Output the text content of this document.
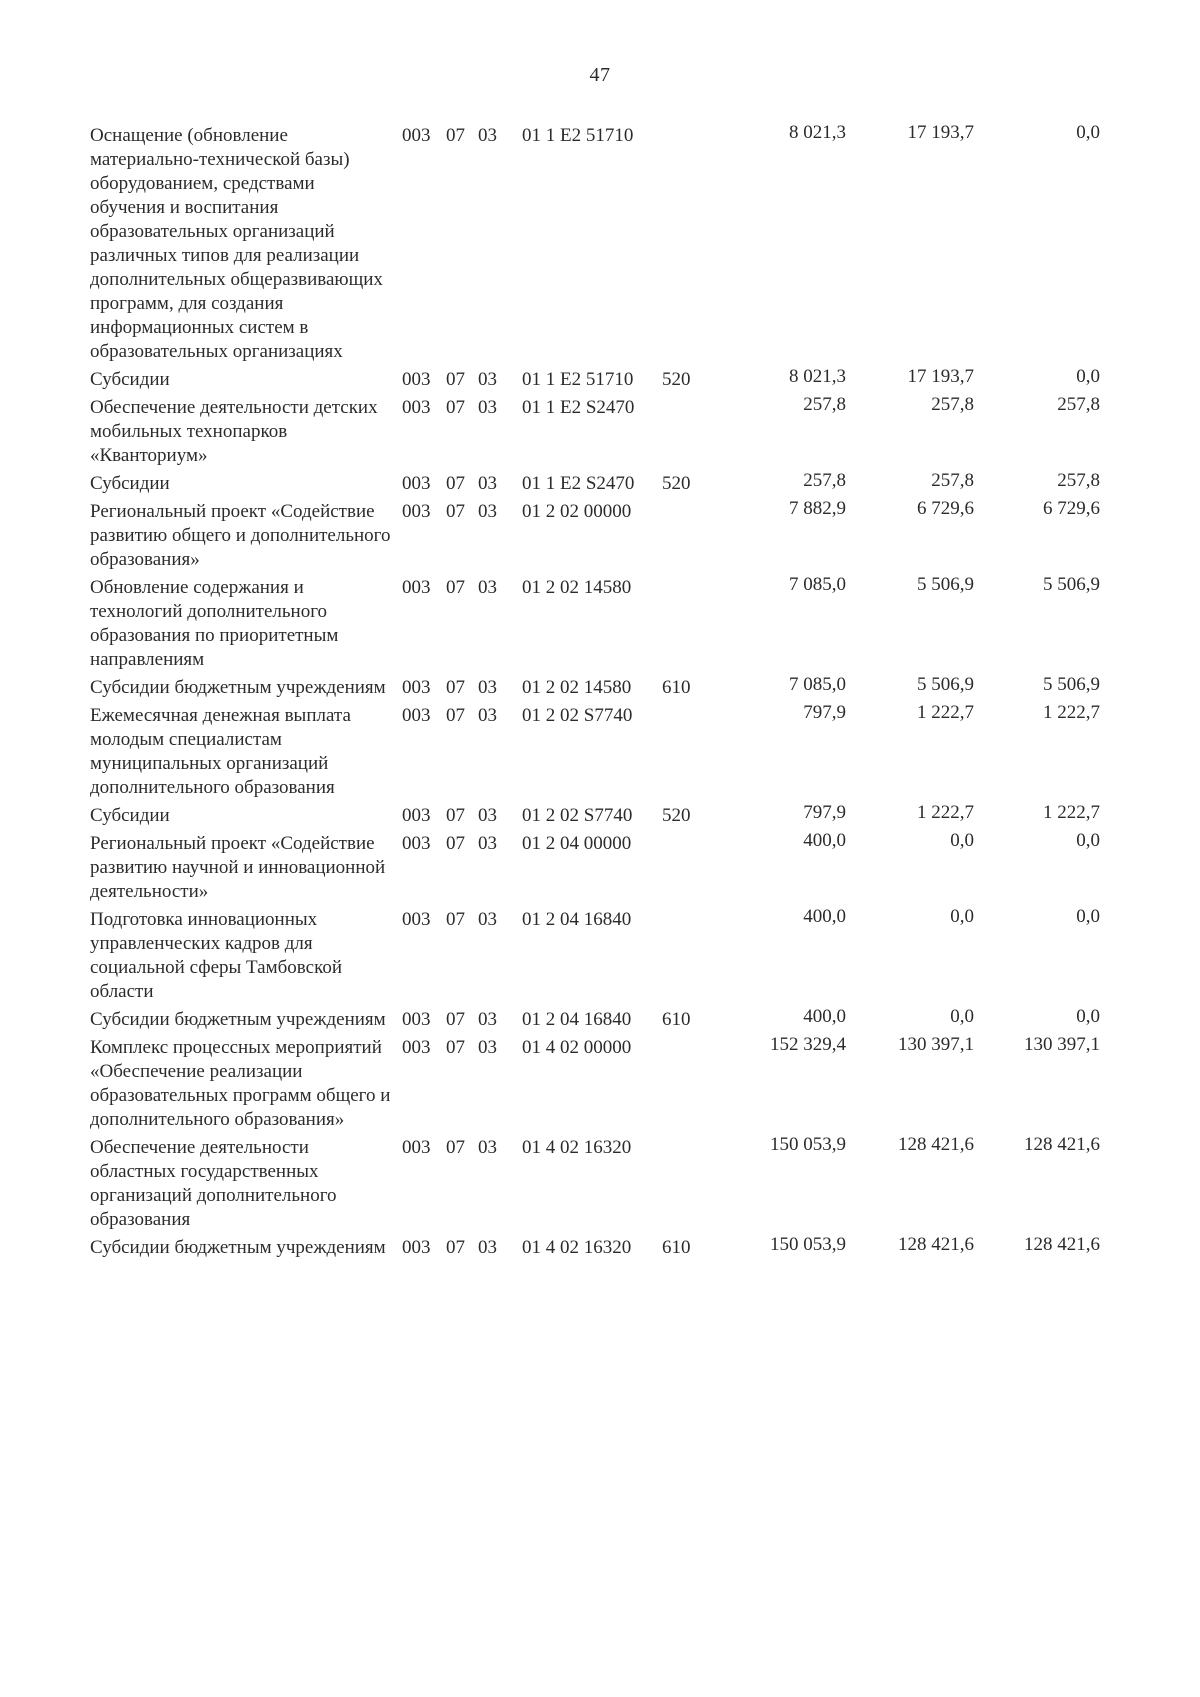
47
Оснащение (обновление материально-технической базы) оборудованием, средствами обучения и воспитания образовательных организаций различных типов для реализации дополнительных общеразвивающих программ, для создания информационных систем в образовательных организациях
003 07 03	01 1 E2 51710	8 021,3	17 193,7	0,0
Субсидии	003 07 03	01 1 E2 51710	520	8 021,3	17 193,7	0,0
Обеспечение деятельности детских мобильных технопарков «Кванториум»
003 07 03	01 1 E2 S2470	257,8	257,8	257,8
Субсидии	003 07 03	01 1 E2 S2470	520	257,8	257,8	257,8
Региональный проект «Содействие развитию общего и дополнительного образования»
003 07 03	01 2 02 00000	7 882,9	6 729,6	6 729,6
Обновление содержания и технологий дополнительного образования по приоритетным направлениям
003 07 03	01 2 02 14580	7 085,0	5 506,9	5 506,9
Субсидии бюджетным учреждениям 003 07 03	01 2 02 14580	610	7 085,0	5 506,9	5 506,9
Ежемесячная денежная выплата молодым специалистам муниципальных организаций дополнительного образования
003 07 03	01 2 02 S7740	797,9	1 222,7	1 222,7
Субсидии	003 07 03	01 2 02 S7740	520	797,9	1 222,7	1 222,7
Региональный проект «Содействие развитию научной и инновационной деятельности»
003 07 03	01 2 04 00000	400,0	0,0	0,0
Подготовка инновационных управленческих кадров для социальной сферы Тамбовской области
003 07 03	01 2 04 16840	400,0	0,0	0,0
Субсидии бюджетным учреждениям 003 07 03	01 2 04 16840	610	400,0	0,0	0,0
Комплекс процессных мероприятий «Обеспечение реализации образовательных программ общего и дополнительного образования»
003 07 03	01 4 02 00000	152 329,4	130 397,1	130 397,1
Обеспечение деятельности областных государственных организаций дополнительного образования
003 07 03	01 4 02 16320	150 053,9	128 421,6	128 421,6
Субсидии бюджетным учреждениям 003 07 03	01 4 02 16320	610	150 053,9	128 421,6	128 421,6
